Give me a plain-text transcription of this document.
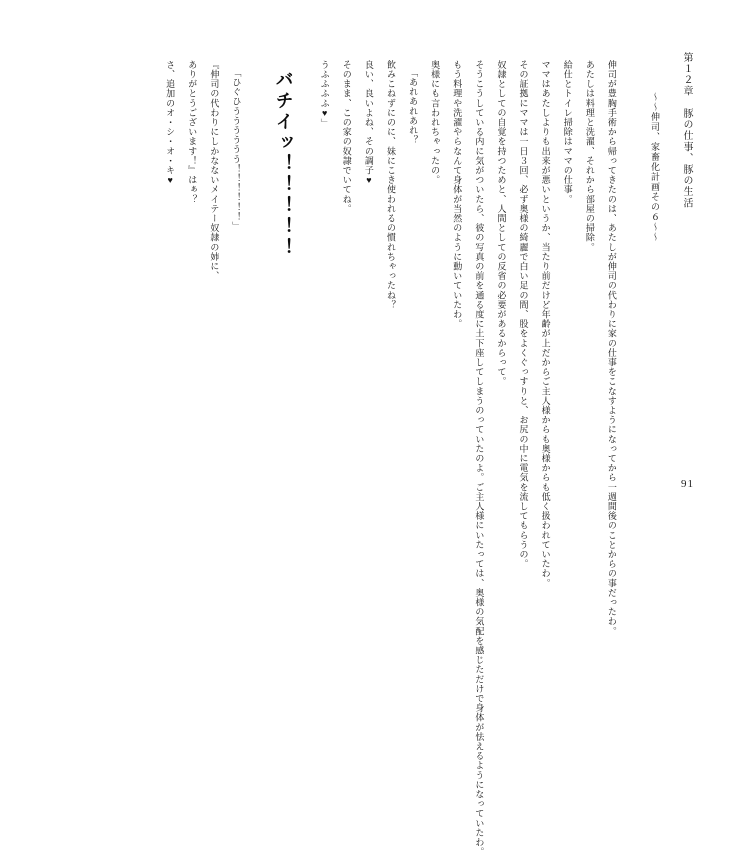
第１２章　豚の仕事、豚の生活
〜〜伸司、家畜化計画その６〜〜
伸司が豊胸手術から帰ってきたのは、あたしが伸司の代わりに家の仕事をこなすようになってから一週間後のことからの事だったわ。
あたしは料理と洗濯、それから部屋の掃除。
給仕とトイレ掃除はママの仕事。
ママはあたしよりも出来が悪いというか、当たり前だけど年齢が上だからご主人様からも奥様からも低く扱われていたわ。
その証拠にママは一日３回、必ず奥様の綺麗で白い足の間、股をよくぐっすりと、お尻の中に電気を流してもらうの。
奴隷としての自覚を持つためと、人間としての反省の必要があるからって。
そうこうしている内に気がついたら、彼の写真の前を通る度に土下座してしまうのっていたのよ。ご主人様にいたっては、奥様の気配を感じただけで身体が怯えるようになっていたわ。
もう料理や洗濯やらなんて身体が当然のように動いていたわ。
奥様にも言われちゃったの。
「あれあれあれ？
飲みこねずにのに、妹にこき使われるの慣れちゃったね？
良い、良いよね、その調子♥
そのまま、この家の奴隷でいてね。
うふふふふ♥」
バチイッ！！！！！
「ひぐひうううううう！！！！！！」
『伸司の代わりにしかなないメイテー奴隷の姉に、
ありがとうございます！』はぁ？
さ、追加のオ・シ・オ・キ♥
91
